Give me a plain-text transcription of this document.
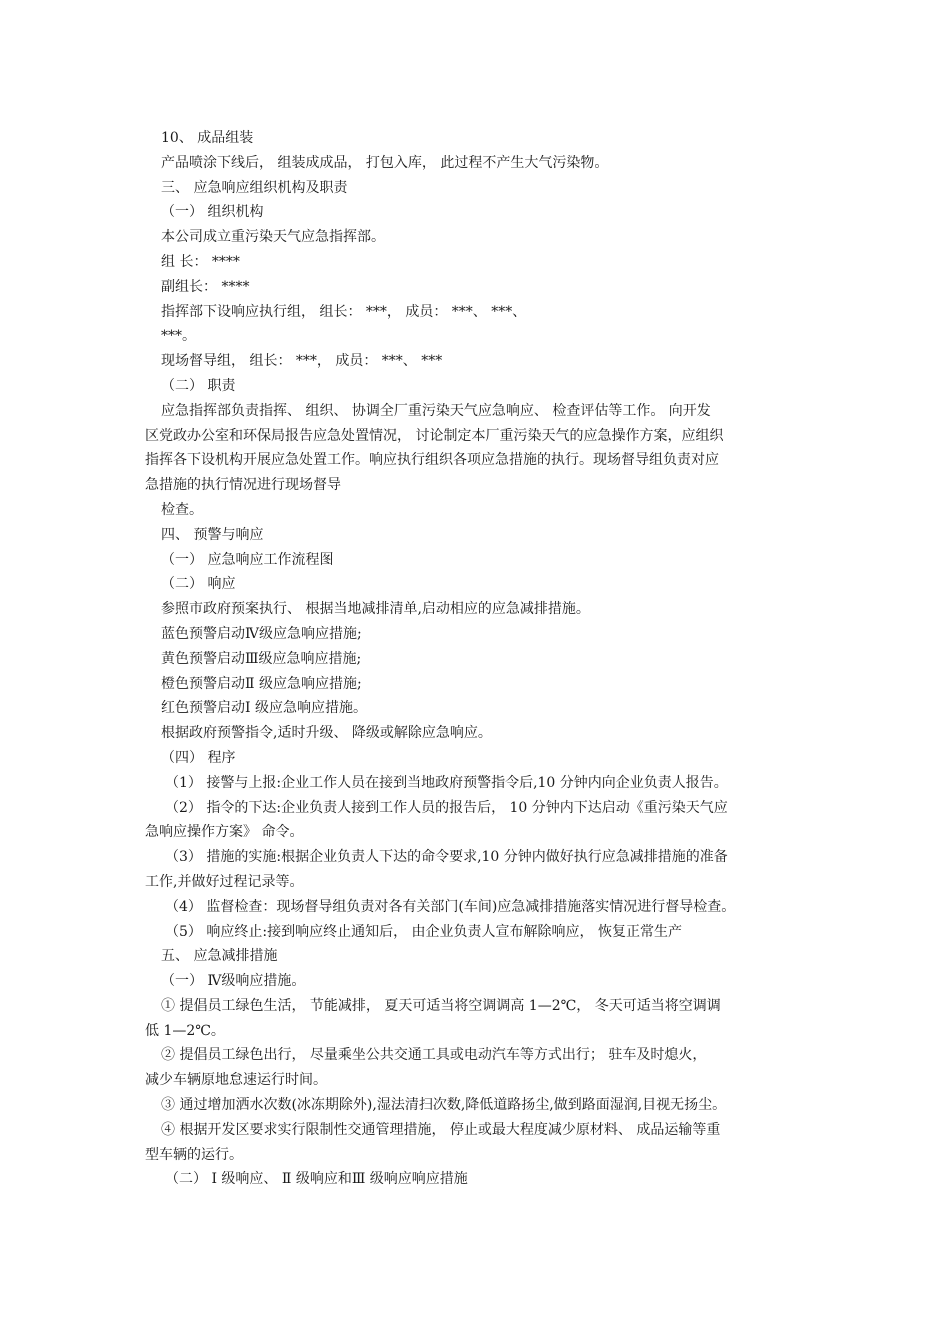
10、 成品组装
产品喷涂下线后， 组装成成品， 打包入库， 此过程不产生大气污染物。
三、 应急响应组织机构及职责
（一） 组织机构
本公司成立重污染天气应急指挥部。
组 长： ****
副组长： ****
指挥部下设响应执行组， 组长： ***， 成员： ***、 ***、
***。
现场督导组， 组长： ***， 成员： ***、 ***
（二） 职责
应急指挥部负责指挥、 组织、 协调全厂重污染天气应急响应、 检查评估等工作。 向开发
区党政办公室和环保局报告应急处置情况， 讨论制定本厂重污染天气的应急操作方案，应组织
指挥各下设机构开展应急处置工作。响应执行组织各项应急措施的执行。现场督导组负责对应
急措施的执行情况进行现场督导
检查。
四、 预警与响应
（一） 应急响应工作流程图
（二） 响应
参照市政府预案执行、 根据当地减排清单,启动相应的应急减排措施。
蓝色预警启动Ⅳ级应急响应措施;
黄色预警启动Ⅲ级应急响应措施;
橙色预警启动Ⅱ 级应急响应措施;
红色预警启动Ⅰ 级应急响应措施。
根据政府预警指令,适时升级、 降级或解除应急响应。
（四） 程序
（1） 接警与上报:企业工作人员在接到当地政府预警指令后,10 分钟内向企业负责人报告。
（2） 指令的下达:企业负责人接到工作人员的报告后， 10 分钟内下达启动《重污染天气应
急响应操作方案》 命令。
（3） 措施的实施:根据企业负责人下达的命令要求,10 分钟内做好执行应急减排措施的准备
工作,并做好过程记录等。
（4） 监督检查：现场督导组负责对各有关部门(车间)应急减排措施落实情况进行督导检查。
（5） 响应终止:接到响应终止通知后， 由企业负责人宣布解除响应， 恢复正常生产
五、 应急减排措施
（一） Ⅳ级响应措施。
① 提倡员工绿色生活， 节能减排， 夏天可适当将空调调高 1—2℃， 冬天可适当将空调调
低 1—2℃。
② 提倡员工绿色出行， 尽量乘坐公共交通工具或电动汽车等方式出行； 驻车及时熄火，
减少车辆原地怠速运行时间。
③ 通过增加洒水次数(冰冻期除外),湿法清扫次数,降低道路扬尘,做到路面湿润,目视无扬尘。
④ 根据开发区要求实行限制性交通管理措施， 停止或最大程度减少原材料、 成品运输等重
型车辆的运行。
（二） Ⅰ 级响应、 Ⅱ 级响应和Ⅲ 级响应响应措施
